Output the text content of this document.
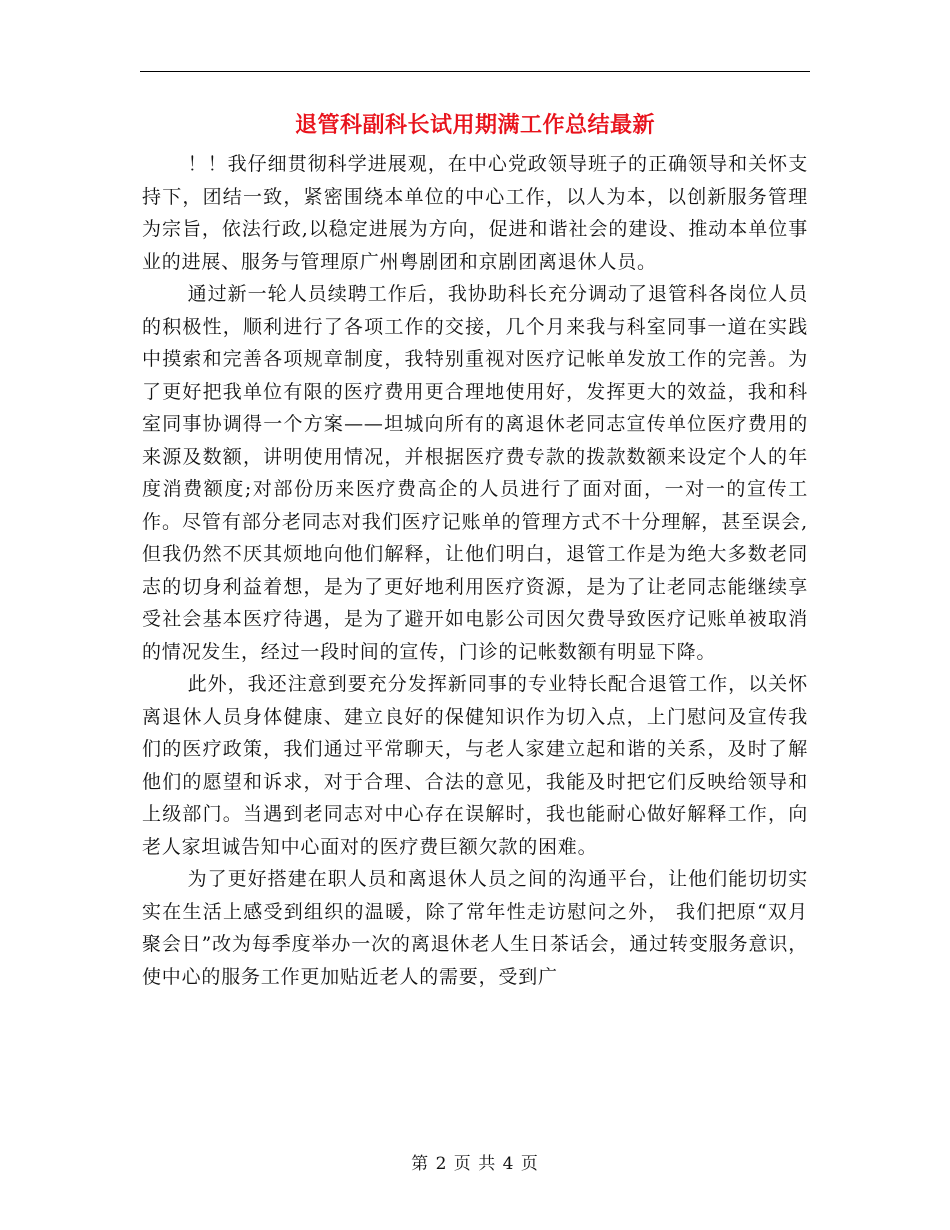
退管科副科长试用期满工作总结最新

！！我仔细贯彻科学进展观，在中心党政领导班子的正确领导和关怀支持下，团结一致，紧密围绕本单位的中心工作，以人为本，以创新服务管理为宗旨，依法行政,以稳定进展为方向，促进和谐社会的建设、推动本单位事业的进展、服务与管理原广州粤剧团和京剧团离退休人员。

通过新一轮人员续聘工作后，我协助科长充分调动了退管科各岗位人员的积极性，顺利进行了各项工作的交接，几个月来我与科室同事一道在实践中摸索和完善各项规章制度，我特别重视对医疗记帐单发放工作的完善。为了更好把我单位有限的医疗费用更合理地使用好，发挥更大的效益，我和科室同事协调得一个方案——坦城向所有的离退休老同志宣传单位医疗费用的来源及数额，讲明使用情况，并根据医疗费专款的拨款数额来设定个人的年度消费额度;对部份历来医疗费高企的人员进行了面对面，一对一的宣传工作。尽管有部分老同志对我们医疗记账单的管理方式不十分理解，甚至误会,但我仍然不厌其烦地向他们解释，让他们明白，退管工作是为绝大多数老同志的切身利益着想，是为了更好地利用医疗资源，是为了让老同志能继续享受社会基本医疗待遇，是为了避开如电影公司因欠费导致医疗记账单被取消的情况发生，经过一段时间的宣传，门诊的记帐数额有明显下降。

此外，我还注意到要充分发挥新同事的专业特长配合退管工作，以关怀离退休人员身体健康、建立良好的保健知识作为切入点，上门慰问及宣传我们的医疗政策，我们通过平常聊天，与老人家建立起和谐的关系，及时了解他们的愿望和诉求，对于合理、合法的意见，我能及时把它们反映给领导和上级部门。当遇到老同志对中心存在误解时，我也能耐心做好解释工作，向老人家坦诚告知中心面对的医疗费巨额欠款的困难。

为了更好搭建在职人员和离退休人员之间的沟通平台，让他们能切切实实在生活上感受到组织的温暖，除了常年性走访慰问之外， 我们把原“双月聚会日”改为每季度举办一次的离退休老人生日茶话会，通过转变服务意识，使中心的服务工作更加贴近老人的需要，受到广

第 2 页 共 4 页
